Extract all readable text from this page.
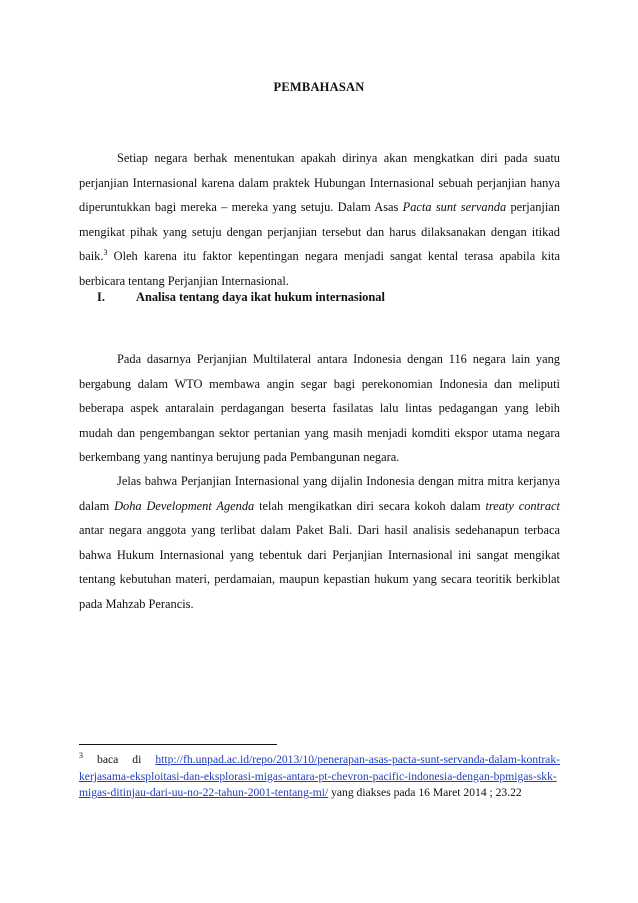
PEMBAHASAN

Setiap negara berhak menentukan apakah dirinya akan mengkatkan diri pada suatu perjanjian Internasional karena dalam praktek Hubungan Internasional sebuah perjanjian hanya diperuntukkan bagi mereka – mereka yang setuju. Dalam Asas Pacta sunt servanda perjanjian mengikat pihak yang setuju dengan perjanjian tersebut dan harus dilaksanakan dengan itikad baik.$^3$ Oleh karena itu faktor kepentingan negara menjadi sangat kental terasa apabila kita berbicara tentang Perjanjian Internasional.

I.	Analisa tentang daya ikat hukum internasional

Pada dasarnya Perjanjian Multilateral antara Indonesia dengan 116 negara lain yang bergabung dalam WTO membawa angin segar bagi perekonomian Indonesia dan meliputi beberapa aspek antaralain perdagangan beserta fasilatas lalu lintas pedagangan yang lebih mudah dan pengembangan sektor pertanian yang masih menjadi komditi ekspor utama negara berkembang yang nantinya berujung pada Pembangunan negara.

Jelas bahwa Perjanjian Internasional yang dijalin Indonesia dengan mitra mitra kerjanya dalam Doha Development Agenda telah mengikatkan diri secara kokoh dalam treaty contract antar negara anggota yang terlibat dalam Paket Bali. Dari hasil analisis sedehanapun terbaca bahwa Hukum Internasional yang tebentuk dari Perjanjian Internasional ini sangat mengikat tentang kebutuhan materi, perdamaian, maupun kepastian hukum yang secara teoritik berkiblat pada Mahzab Perancis.

$^3$ baca di http://fh.unpad.ac.id/repo/2013/10/penerapan-asas-pacta-sunt-servanda-dalam-kontrak-kerjasama-eksploitasi-dan-eksplorasi-migas-antara-pt-chevron-pacific-indonesia-dengan-bpmigas-skk-migas-ditinjau-dari-uu-no-22-tahun-2001-tentang-mi/ yang diakses pada 16 Maret 2014 ; 23.22
